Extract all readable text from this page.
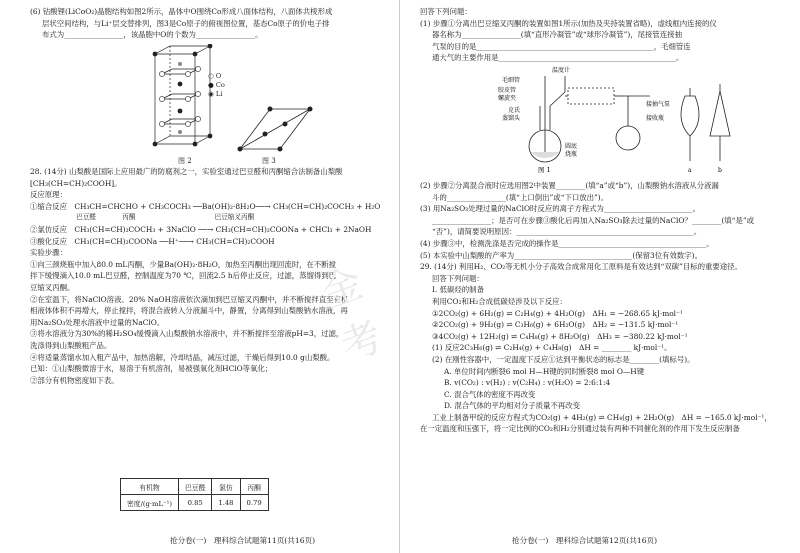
(6) 钴酸锂(LiCoO₂)晶胞结构如图2所示，晶体中O围绕Co形成八面体结构，八面体共棱形成

层状空间结构，与Li⁺层交替排列，图3是Co原子的俯视图位置，基态Co原子的价电子排

布式为________________，该晶胞中O的个数为________________。

○ O
● Co
◉ Li
图 2	图 3

28. (14分) 山梨酸是国际上应用最广的防腐剂之一，实验室通过巴豆醛和丙酮缩合法制备山梨酸

[CH₃(CH=CH)₂COOH]。

反应原理：

①缩合反应　CH₃CH=CHCHO + CH₃COCH₃ ──Ba(OH)₂·8H₂O──→ CH₃(CH=CH)₂COCH₃ + H₂O

　　　　　　　巴豆醛　　　　丙酮　　　　　　　　　　　　巴豆缩叉丙酮

②氯仿反应　CH₃(CH=CH)₂COCH₃ + 3NaClO ──→ CH₃(CH=CH)₂COONa + CHCl₃ + 2NaOH

③酸化反应　CH₃(CH=CH)₂COONa ──H⁺──→ CH₃(CH=CH)₂COOH

实验步骤：

①向三颈烧瓶中加入80.0 mL丙酮，少量Ba(OH)₂·8H₂O，加热至丙酮出现回流时，在不断搅

拌下缓慢滴入10.0 mL巴豆醛，控制温度为70 ℃，回流2.5 h后停止反应，过滤，蒸馏得到巴

豆缩叉丙酮。

②在室温下，将NaClO溶液、20% NaOH溶液依次滴加到巴豆缩叉丙酮中，并不断搅拌直至有机

相液体体积不再增大，停止搅拌，将混合液转入分液漏斗中，静置，分离得到山梨酸钠水溶液，再

用Na₂SO₃处理水溶液中过量的NaClO。

③将水溶液分为30%的稀H₂SO₄缓慢滴入山梨酸钠水溶液中，并不断搅拌至溶液pH=3，过滤，

洗涤得到山梨酸粗产品。

④将适量蒸馏水加入粗产品中，加热溶解，冷却结晶，减压过滤，干燥后得到10.0 g山梨酸。

已知：①山梨酸微溶于水，易溶于有机溶剂，易被强氧化剂HClO等氧化；

②部分有机物密度如下表。

有机物	巴豆醛	氯仿	丙酮
密度/(g·mL⁻¹)	0.85	1.48	0.79
金考
抢分卷(一)　理科综合试题第11页(共16页)

回答下列问题：

(1) 步骤①分离出巴豆缩叉丙酮的装置如图1所示(加热及夹持装置省略)，虚线框内连接的仪

器名称为________________(填“直形冷凝管”或“球形冷凝管”)，尾接管连接抽

气泵的目的是________________________________________________，毛细管连

通大气的主要作用是________________________________________________。

温度计
毛细管
胶皮管
螺旋夹
克氏
蒸馏头
圆底
烧瓶
接抽气泵
接收瓶
a	b
图 1

(2) 步骤②分离混合液时应选用图2中装置________(填“a”或“b”)，山梨酸钠水溶液从分液漏

斗的________________(填“上口倒出”或“下口放出”)。

(3) 用Na₂SO₃处理过量的NaClO时反应的离子方程式为________________________。

________________；是否可在步骤③酸化后再加入Na₂SO₃除去过量的NaClO？________(填“是”或

“否”)，请简要说明原因：________________________________________________。

(4) 步骤③中，检测洗涤是否完成的操作是________________________________________。

(5) 本实验中山梨酸的产率为________________________________(保留3位有效数字)。

29. (14分) 利用H₂、CO₂等无机小分子高效合成常用化工原料是有效达到“双碳”目标的重要途径。

回答下列问题：

Ⅰ. 低碳烃的制备

利用CO₂和H₂合成低碳烃涉及以下反应：

①2CO₂(g) + 6H₂(g) ⇌ C₂H₄(g) + 4H₂O(g)　ΔH₁ = −268.65 kJ·mol⁻¹

②2CO₂(g) + 9H₂(g) ⇌ C₃H₆(g) + 6H₂O(g)　ΔH₂ = −131.5 kJ·mol⁻¹

③4CO₂(g) + 12H₂(g) ⇌ C₄H₈(g) + 8H₂O(g)　ΔH₃ = −380.22 kJ·mol⁻¹

(1) 反应2C₃H₆(g) ⇌ C₂H₄(g) + C₄H₈(g)　ΔH = ________ kJ·mol⁻¹。

(2) 在刚性容器中，一定温度下反应①达到平衡状态的标志是________(填标号)。

A. 单位时间内断裂6 mol H—H键的同时断裂8 mol O—H键

B. v(CO₂) : v(H₂) : v(C₂H₄) : v(H₂O) = 2:6:1:4

C. 混合气体的密度不再改变

D. 混合气体的平均相对分子质量不再改变

工业上制备甲烷的反应方程式为CO₂(g) + 4H₂(g) ⇌ CH₄(g) + 2H₂O(g)　ΔH = −165.0 kJ·mol⁻¹，

在一定温度和压强下，将一定比例的CO₂和H₂分别通过装有两种不同催化剂的作用下发生反应制备

抢分卷(一)　理科综合试题第12页(共16页)
